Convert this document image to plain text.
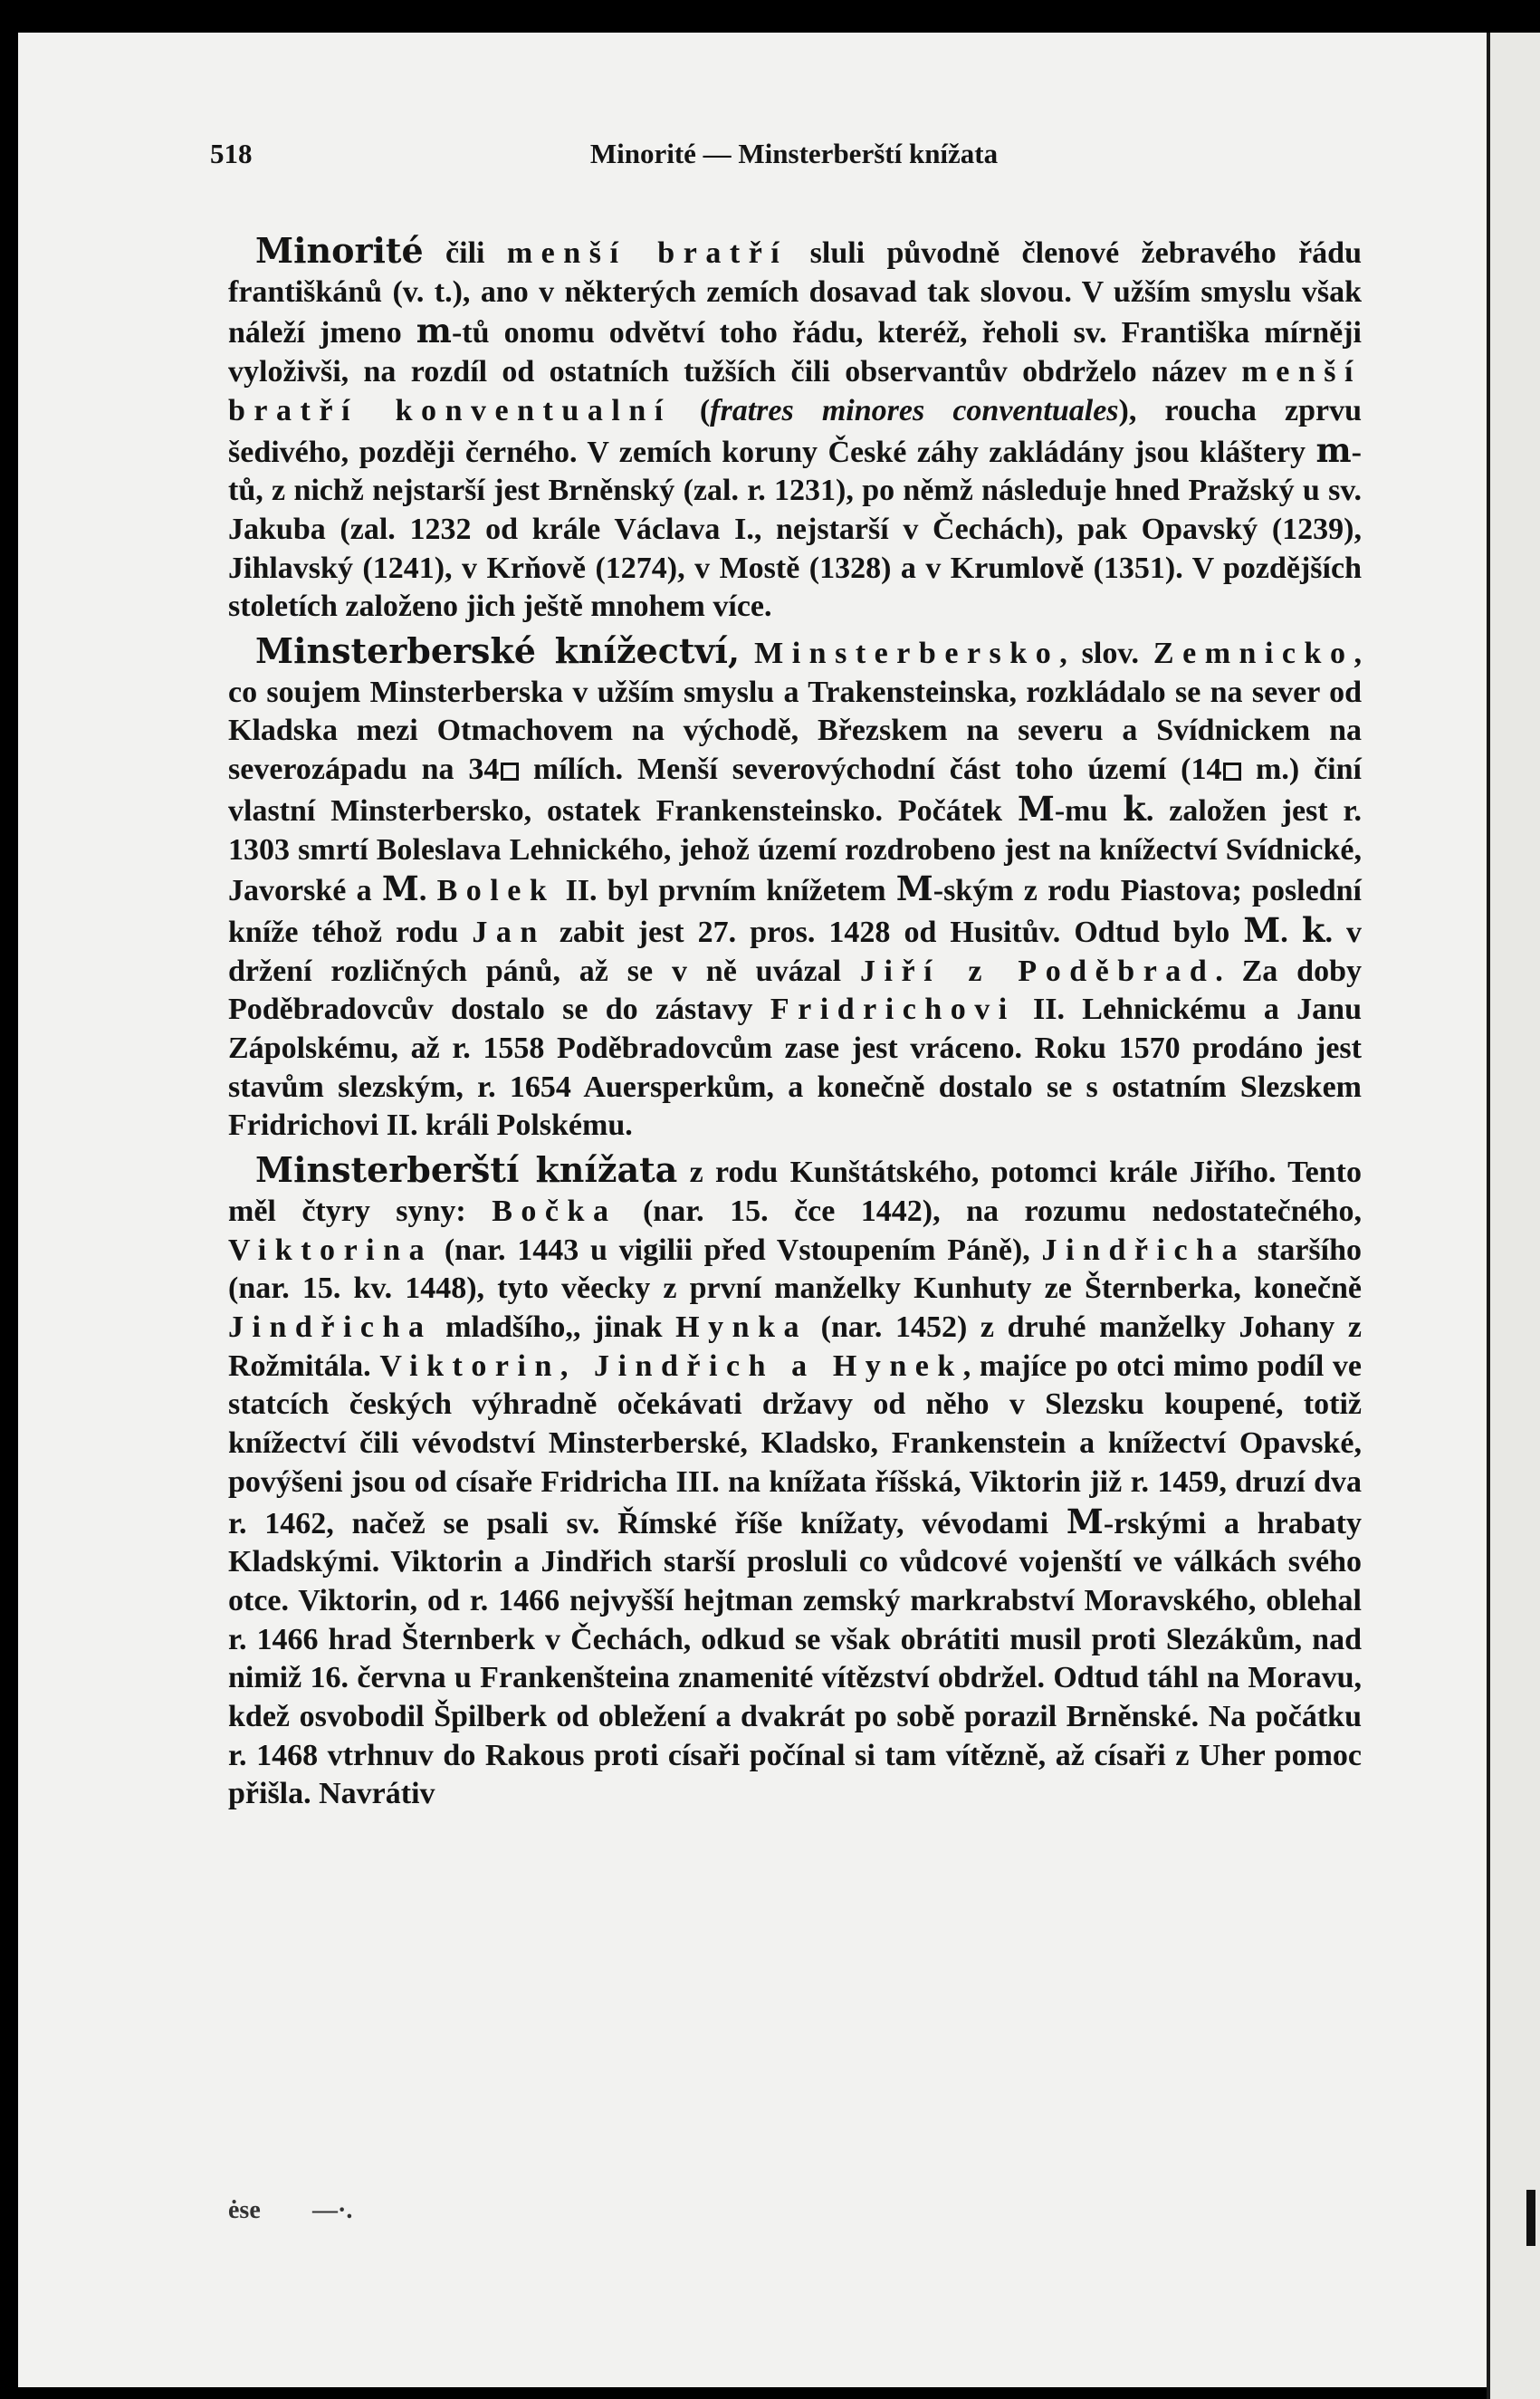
518	Minorité — Minsterberští knížata

Minorité čili menší bratří sluli původně členové žebravého řádu františkánů (v. t.), ano v některých zemích dosavad tak slovou. V užším smyslu však náleží jmeno m-tů onomu odvětví toho řádu, kteréž, řeholi sv. Františka mírněji vyloživši, na rozdíl od ostatních tužších čili observantův obdrželo název menší bratří konventualní (fratres minores conventuales), roucha zprvu šedivého, později černého. V zemích koruny České záhy zakládány jsou kláštery m-tů, z nichž nejstarší jest Brněnský (zal. r. 1231), po němž následuje hned Pražský u sv. Jakuba (zal. 1232 od krále Václava I., nejstarší v Čechách), pak Opavský (1239), Jihlavský (1241), v Krňově (1274), v Mostě (1328) a v Krumlově (1351). V pozdějších stoletích založeno jich ještě mnohem více.

Minsterberské knížectví, Minsterbersko, slov. Zemnicko, co soujem Minsterberska v užším smyslu a Trakensteinska, rozkládalo se na sever od Kladska mezi Otmachovem na východě, Březskem na severu a Svídnickem na severozápadu na 34 mílích. Menší severovýchodní část toho území (14 m.) činí vlastní Minsterbersko, ostatek Frankensteinsko. Počátek M-mu k. založen jest r. 1303 smrtí Boleslava Lehnického, jehož území rozdrobeno jest na knížectví Svídnické, Javorské a M. Bolek II. byl prvním knížetem M-ským z rodu Piastova; poslední kníže téhož rodu Jan zabit jest 27. pros. 1428 od Husitův. Odtud bylo M. k. v držení rozličných pánů, až se v ně uvázal Jiří z Poděbrad. Za doby Poděbradovcův dostalo se do zástavy Fridrichovi II. Lehnickému a Janu Zápolskému, až r. 1558 Poděbradovcům zase jest vráceno. Roku 1570 prodáno jest stavům slezským, r. 1654 Auersperkům, a konečně dostalo se s ostatním Slezskem Fridrichovi II. králi Polskému.

Minsterberští knížata z rodu Kunštátského, potomci krále Jiřího. Tento měl čtyry syny: Bočka (nar. 15. čce 1442), na rozumu nedostatečného, Viktorina (nar. 1443 u vigilii před Vstoupením Páně), Jindřicha staršího (nar. 15. kv. 1448), tyto věecky z první manželky Kunhuty ze Šternberka, konečně Jindřicha mladšího,, jinak Hynka (nar. 1452) z druhé manželky Johany z Rožmitála. Viktorin, Jindřich a Hynek, majíce po otci mimo podíl ve statcích českých výhradně očekávati državy od něho v Slezsku koupené, totiž knížectví čili vévodství Minsterberské, Kladsko, Frankenstein a knížectví Opavské, povýšeni jsou od císaře Fridricha III. na knížata říšská, Viktorin již r. 1459, druzí dva r. 1462, načež se psali sv. Římské říše knížaty, vévodami M-rskými a hrabaty Kladskými. Viktorin a Jindřich starší prosluli co vůdcové vojenští ve válkách svého otce. Viktorin, od r. 1466 nejvyšší hejtman zemský markrabství Moravského, oblehal r. 1466 hrad Šternberk v Čechách, odkud se však obrátiti musil proti Slezákům, nad nimiž 16. června u Frankenšteina znamenité vítězství obdržel. Odtud táhl na Moravu, kdež osvobodil Špilberk od obležení a dvakrát po sobě porazil Brněnské. Na počátku r. 1468 vtrhnuv do Rakous proti císaři počínal si tam vítězně, až císaři z Uher pomoc přišla. Navrátiv

ėse —·.
